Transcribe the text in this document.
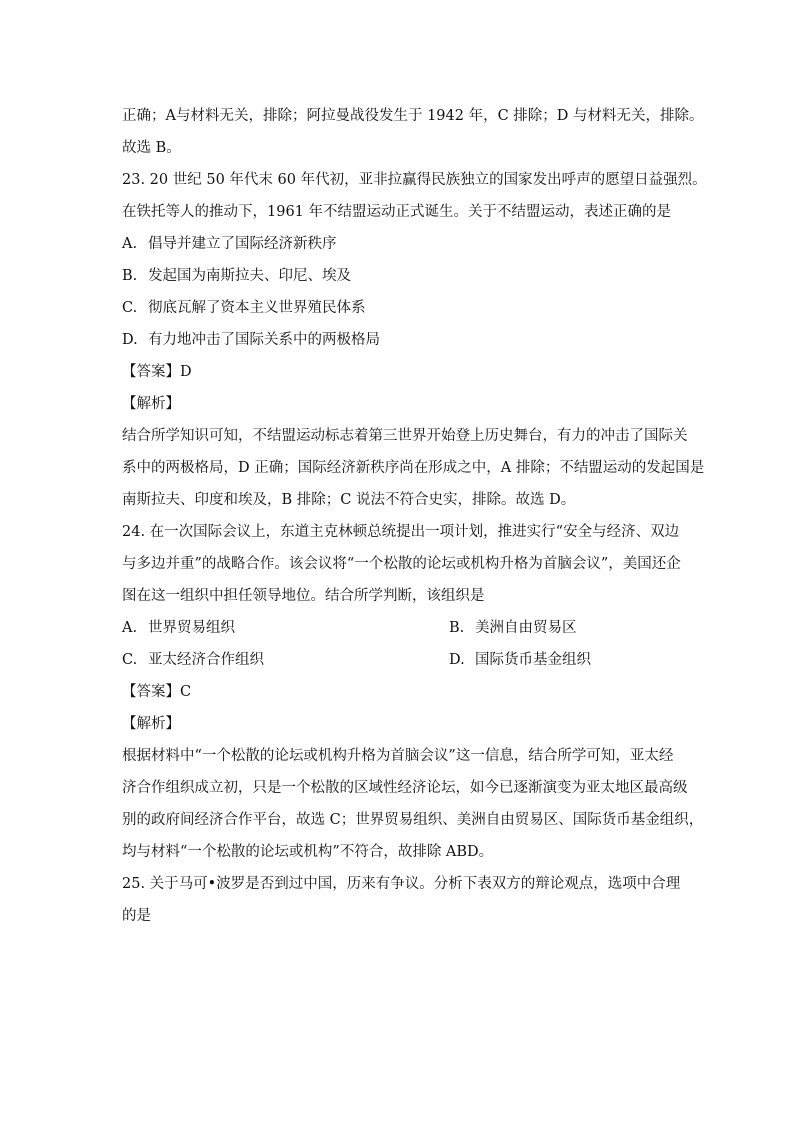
正确；A与材料无关，排除；阿拉曼战役发生于 1942 年，C 排除；D 与材料无关，排除。
故选 B。
23. 20 世纪 50 年代末 60 年代初，亚非拉赢得民族独立的国家发出呼声的愿望日益强烈。
在铁托等人的推动下，1961 年不结盟运动正式诞生。关于不结盟运动，表述正确的是
A. 倡导并建立了国际经济新秩序
B. 发起国为南斯拉夫、印尼、埃及
C. 彻底瓦解了资本主义世界殖民体系
D. 有力地冲击了国际关系中的两极格局
【答案】D
【解析】
结合所学知识可知，不结盟运动标志着第三世界开始登上历史舞台，有力的冲击了国际关
系中的两极格局，D 正确；国际经济新秩序尚在形成之中，A 排除；不结盟运动的发起国是
南斯拉夫、印度和埃及，B 排除；C 说法不符合史实，排除。故选 D。
24. 在一次国际会议上，东道主克林顿总统提出一项计划，推进实行“安全与经济、双边
与多边并重”的战略合作。该会议将“一个松散的论坛或机构升格为首脑会议”，美国还企
图在这一组织中担任领导地位。结合所学判断，该组织是
A. 世界贸易组织	B. 美洲自由贸易区
C. 亚太经济合作组织	D. 国际货币基金组织
【答案】C
【解析】
根据材料中“一个松散的论坛或机构升格为首脑会议”这一信息，结合所学可知，亚太经
济合作组织成立初，只是一个松散的区域性经济论坛，如今已逐渐演变为亚太地区最高级
别的政府间经济合作平台，故选 C；世界贸易组织、美洲自由贸易区、国际货币基金组织，
均与材料“一个松散的论坛或机构”不符合，故排除 ABD。
25. 关于马可•波罗是否到过中国，历来有争议。分析下表双方的辩论观点，选项中合理
的是
